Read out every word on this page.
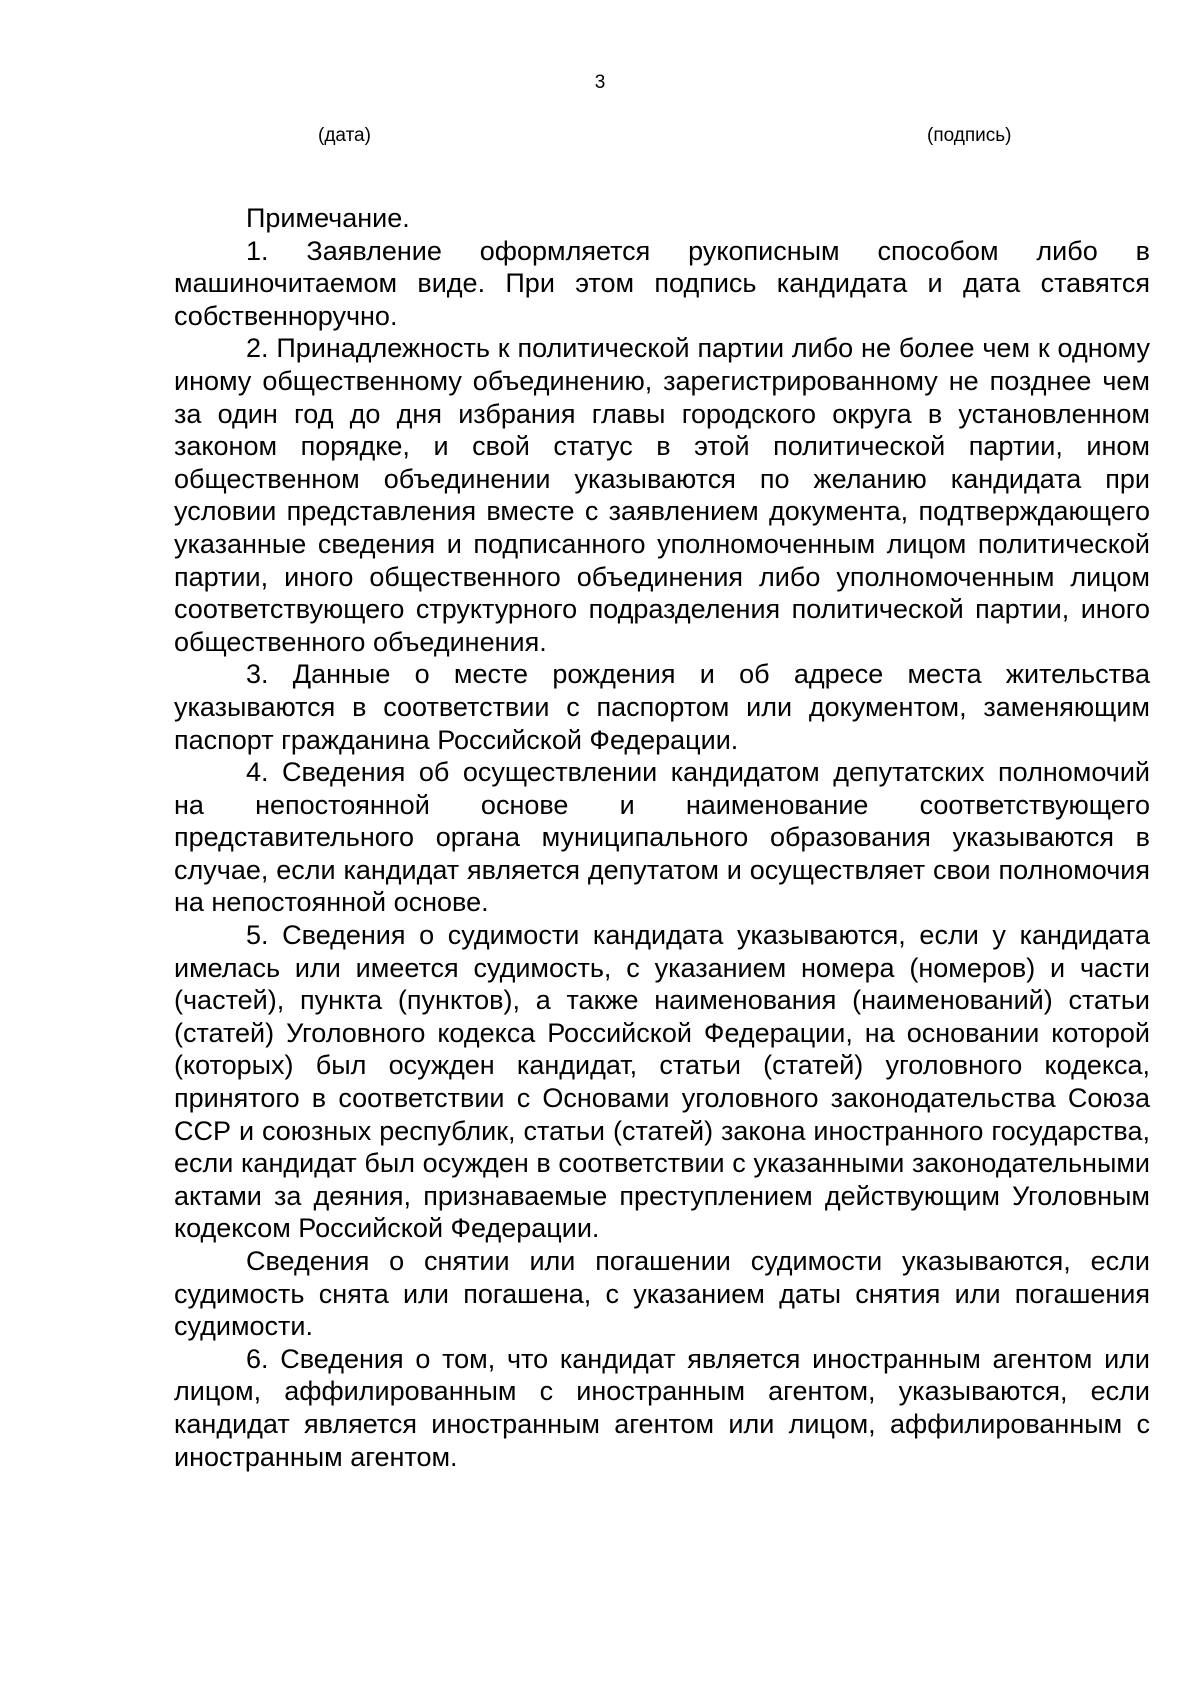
3
(дата)	(подпись)

Примечание.

1. Заявление оформляется рукописным способом либо в машиночитаемом виде. При этом подпись кандидата и дата ставятся собственноручно.

2. Принадлежность к политической партии либо не более чем к одному иному общественному объединению, зарегистрированному не позднее чем за один год до дня избрания главы городского округа в установленном законом порядке, и свой статус в этой политической партии, ином общественном объединении указываются по желанию кандидата при условии представления вместе с заявлением документа, подтверждающего указанные сведения и подписанного уполномоченным лицом политической партии, иного общественного объединения либо уполномоченным лицом соответствующего структурного подразделения политической партии, иного общественного объединения.

3. Данные о месте рождения и об адресе места жительства указываются в соответствии с паспортом или документом, заменяющим паспорт гражданина Российской Федерации.

4. Сведения об осуществлении кандидатом депутатских полномочий на непостоянной основе и наименование соответствующего представительного органа муниципального образования указываются в случае, если кандидат является депутатом и осуществляет свои полномочия на непостоянной основе.

5. Сведения о судимости кандидата указываются, если у кандидата имелась или имеется судимость, с указанием номера (номеров) и части (частей), пункта (пунктов), а также наименования (наименований) статьи (статей) Уголовного кодекса Российской Федерации, на основании которой (которых) был осужден кандидат, статьи (статей) уголовного кодекса, принятого в соответствии с Основами уголовного законодательства Союза ССР и союзных республик, статьи (статей) закона иностранного государства, если кандидат был осужден в соответствии с указанными законодательными актами за деяния, признаваемые преступлением действующим Уголовным кодексом Российской Федерации.

Сведения о снятии или погашении судимости указываются, если судимость снята или погашена, с указанием даты снятия или погашения судимости.

6. Сведения о том, что кандидат является иностранным агентом или лицом, аффилированным с иностранным агентом, указываются, если кандидат является иностранным агентом или лицом, аффилированным с иностранным агентом.
